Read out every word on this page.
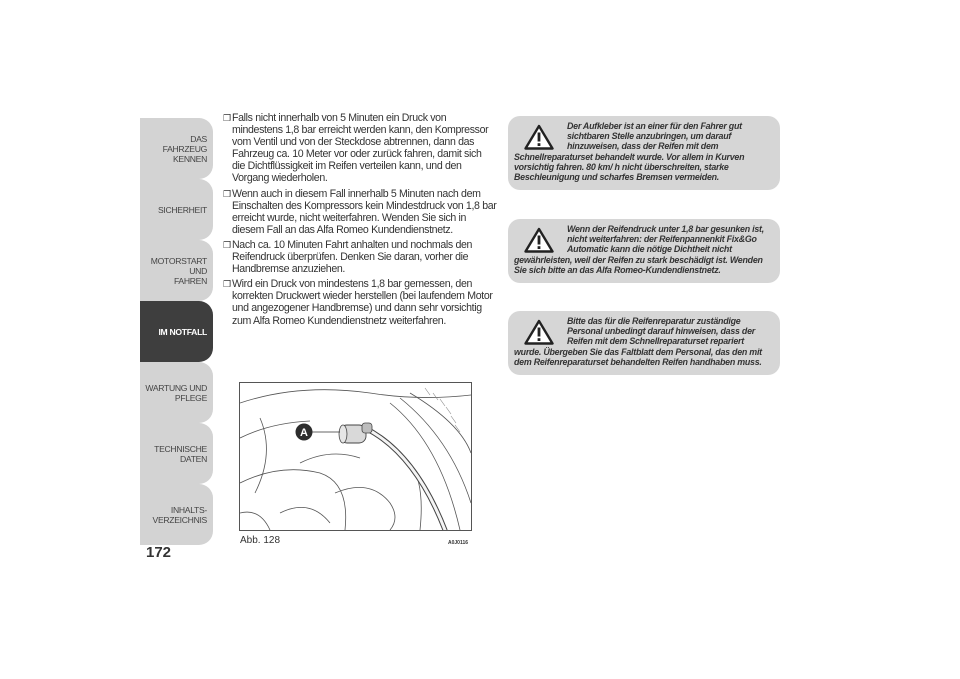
DAS FAHRZEUG
KENNEN
SICHERHEIT
MOTORSTART UND
FAHREN
IM NOTFALL
WARTUNG UND
PFLEGE
TECHNISCHE DATEN
INHALTS-
VERZEICHNIS
172
❒ Falls nicht innerhalb von 5 Minuten ein Druck von mindestens 1,8 bar erreicht werden kann, den Kompressor vom Ventil und von der Steckdose abtrennen, dann das Fahrzeug ca. 10 Meter vor oder zurück fahren, damit sich die Dichtflüssigkeit im Reifen verteilen kann, und den Vorgang wiederholen.
❒ Wenn auch in diesem Fall innerhalb 5 Minuten nach dem Einschalten des Kompressors kein Mindestdruck von 1,8 bar erreicht wurde, nicht weiterfahren. Wenden Sie sich in diesem Fall an das Alfa Romeo Kundendienstnetz.
❒ Nach ca. 10 Minuten Fahrt anhalten und nochmals den Reifendruck überprüfen. Denken Sie daran, vorher die Handbremse anzuziehen.
❒ Wird ein Druck von mindestens 1,8 bar gemessen, den korrekten Druckwert wieder herstellen (bei laufendem Motor und angezogener Handbremse) und dann sehr vorsichtig zum Alfa Romeo Kundendienstnetz weiterfahren.
A
Abb. 128	A0J0116

Der Aufkleber ist an einer für den Fahrer gut sichtbaren Stelle anzubringen, um darauf hinzuweisen, dass der Reifen mit dem Schnellreparaturset behandelt wurde. Vor allem in Kurven vorsichtig fahren. 80 km/ h nicht überschreiten, starke Beschleunigung und scharfes Bremsen vermeiden.

Wenn der Reifendruck unter 1,8 bar gesunken ist, nicht weiterfahren: der Reifenpannenkit Fix&Go Automatic kann die nötige Dichtheit nicht gewährleisten, weil der Reifen zu stark beschädigt ist. Wenden Sie sich bitte an das Alfa Romeo-Kundendienstnetz.

Bitte das für die Reifenreparatur zuständige Personal unbedingt darauf hinweisen, dass der Reifen mit dem Schnellreparaturset repariert wurde. Übergeben Sie das Faltblatt dem Personal, das den mit dem Reifenreparaturset behandelten Reifen handhaben muss.
